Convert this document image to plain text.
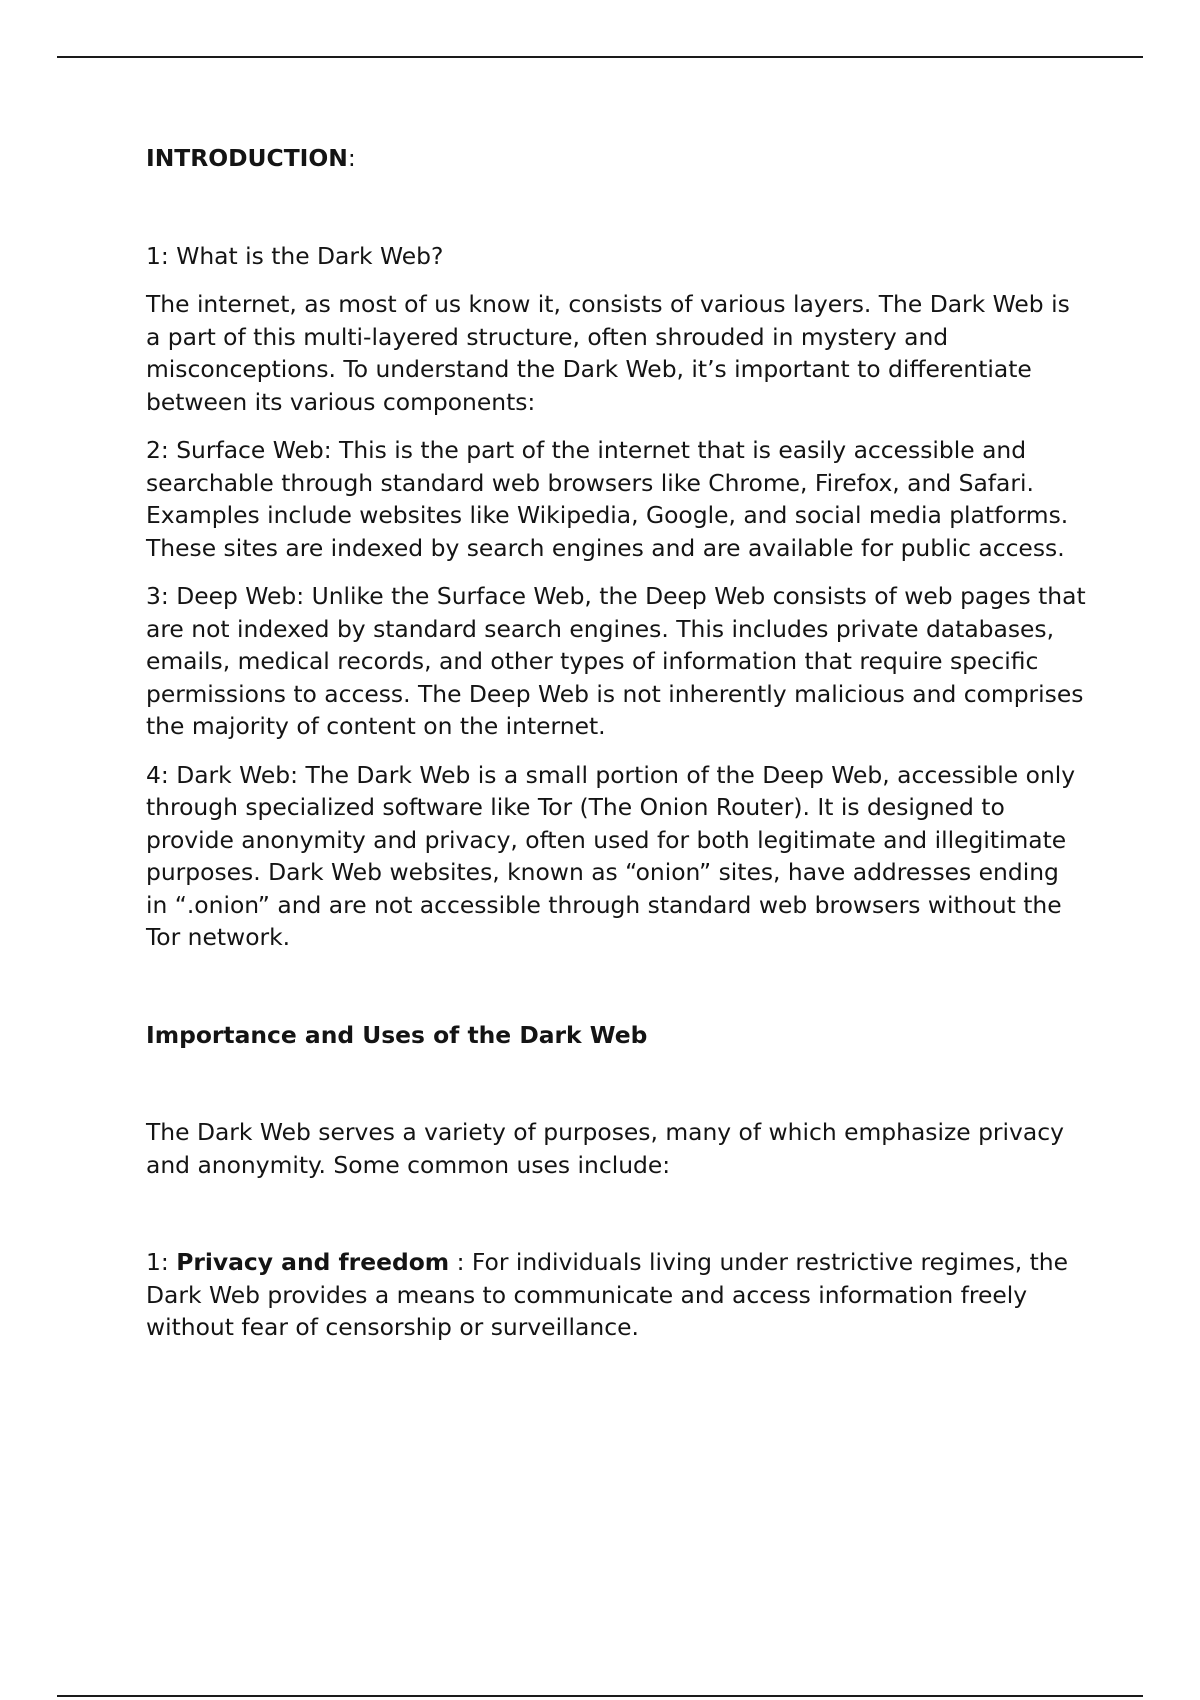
INTRODUCTION:

1: What is the Dark Web?

The internet, as most of us know it, consists of various layers. The Dark Web is a part of this multi-layered structure, often shrouded in mystery and misconceptions. To understand the Dark Web, it’s important to differentiate between its various components:

2: Surface Web: This is the part of the internet that is easily accessible and searchable through standard web browsers like Chrome, Firefox, and Safari. Examples include websites like Wikipedia, Google, and social media platforms. These sites are indexed by search engines and are available for public access.

3: Deep Web: Unlike the Surface Web, the Deep Web consists of web pages that are not indexed by standard search engines. This includes private databases, emails, medical records, and other types of information that require specific permissions to access. The Deep Web is not inherently malicious and comprises the majority of content on the internet.

4: Dark Web: The Dark Web is a small portion of the Deep Web, accessible only through specialized software like Tor (The Onion Router). It is designed to provide anonymity and privacy, often used for both legitimate and illegitimate purposes. Dark Web websites, known as “onion” sites, have addresses ending in “.onion” and are not accessible through standard web browsers without the Tor network.

Importance and Uses of the Dark Web

The Dark Web serves a variety of purposes, many of which emphasize privacy and anonymity. Some common uses include:

1: Privacy and freedom : For individuals living under restrictive regimes, the Dark Web provides a means to communicate and access information freely without fear of censorship or surveillance.
